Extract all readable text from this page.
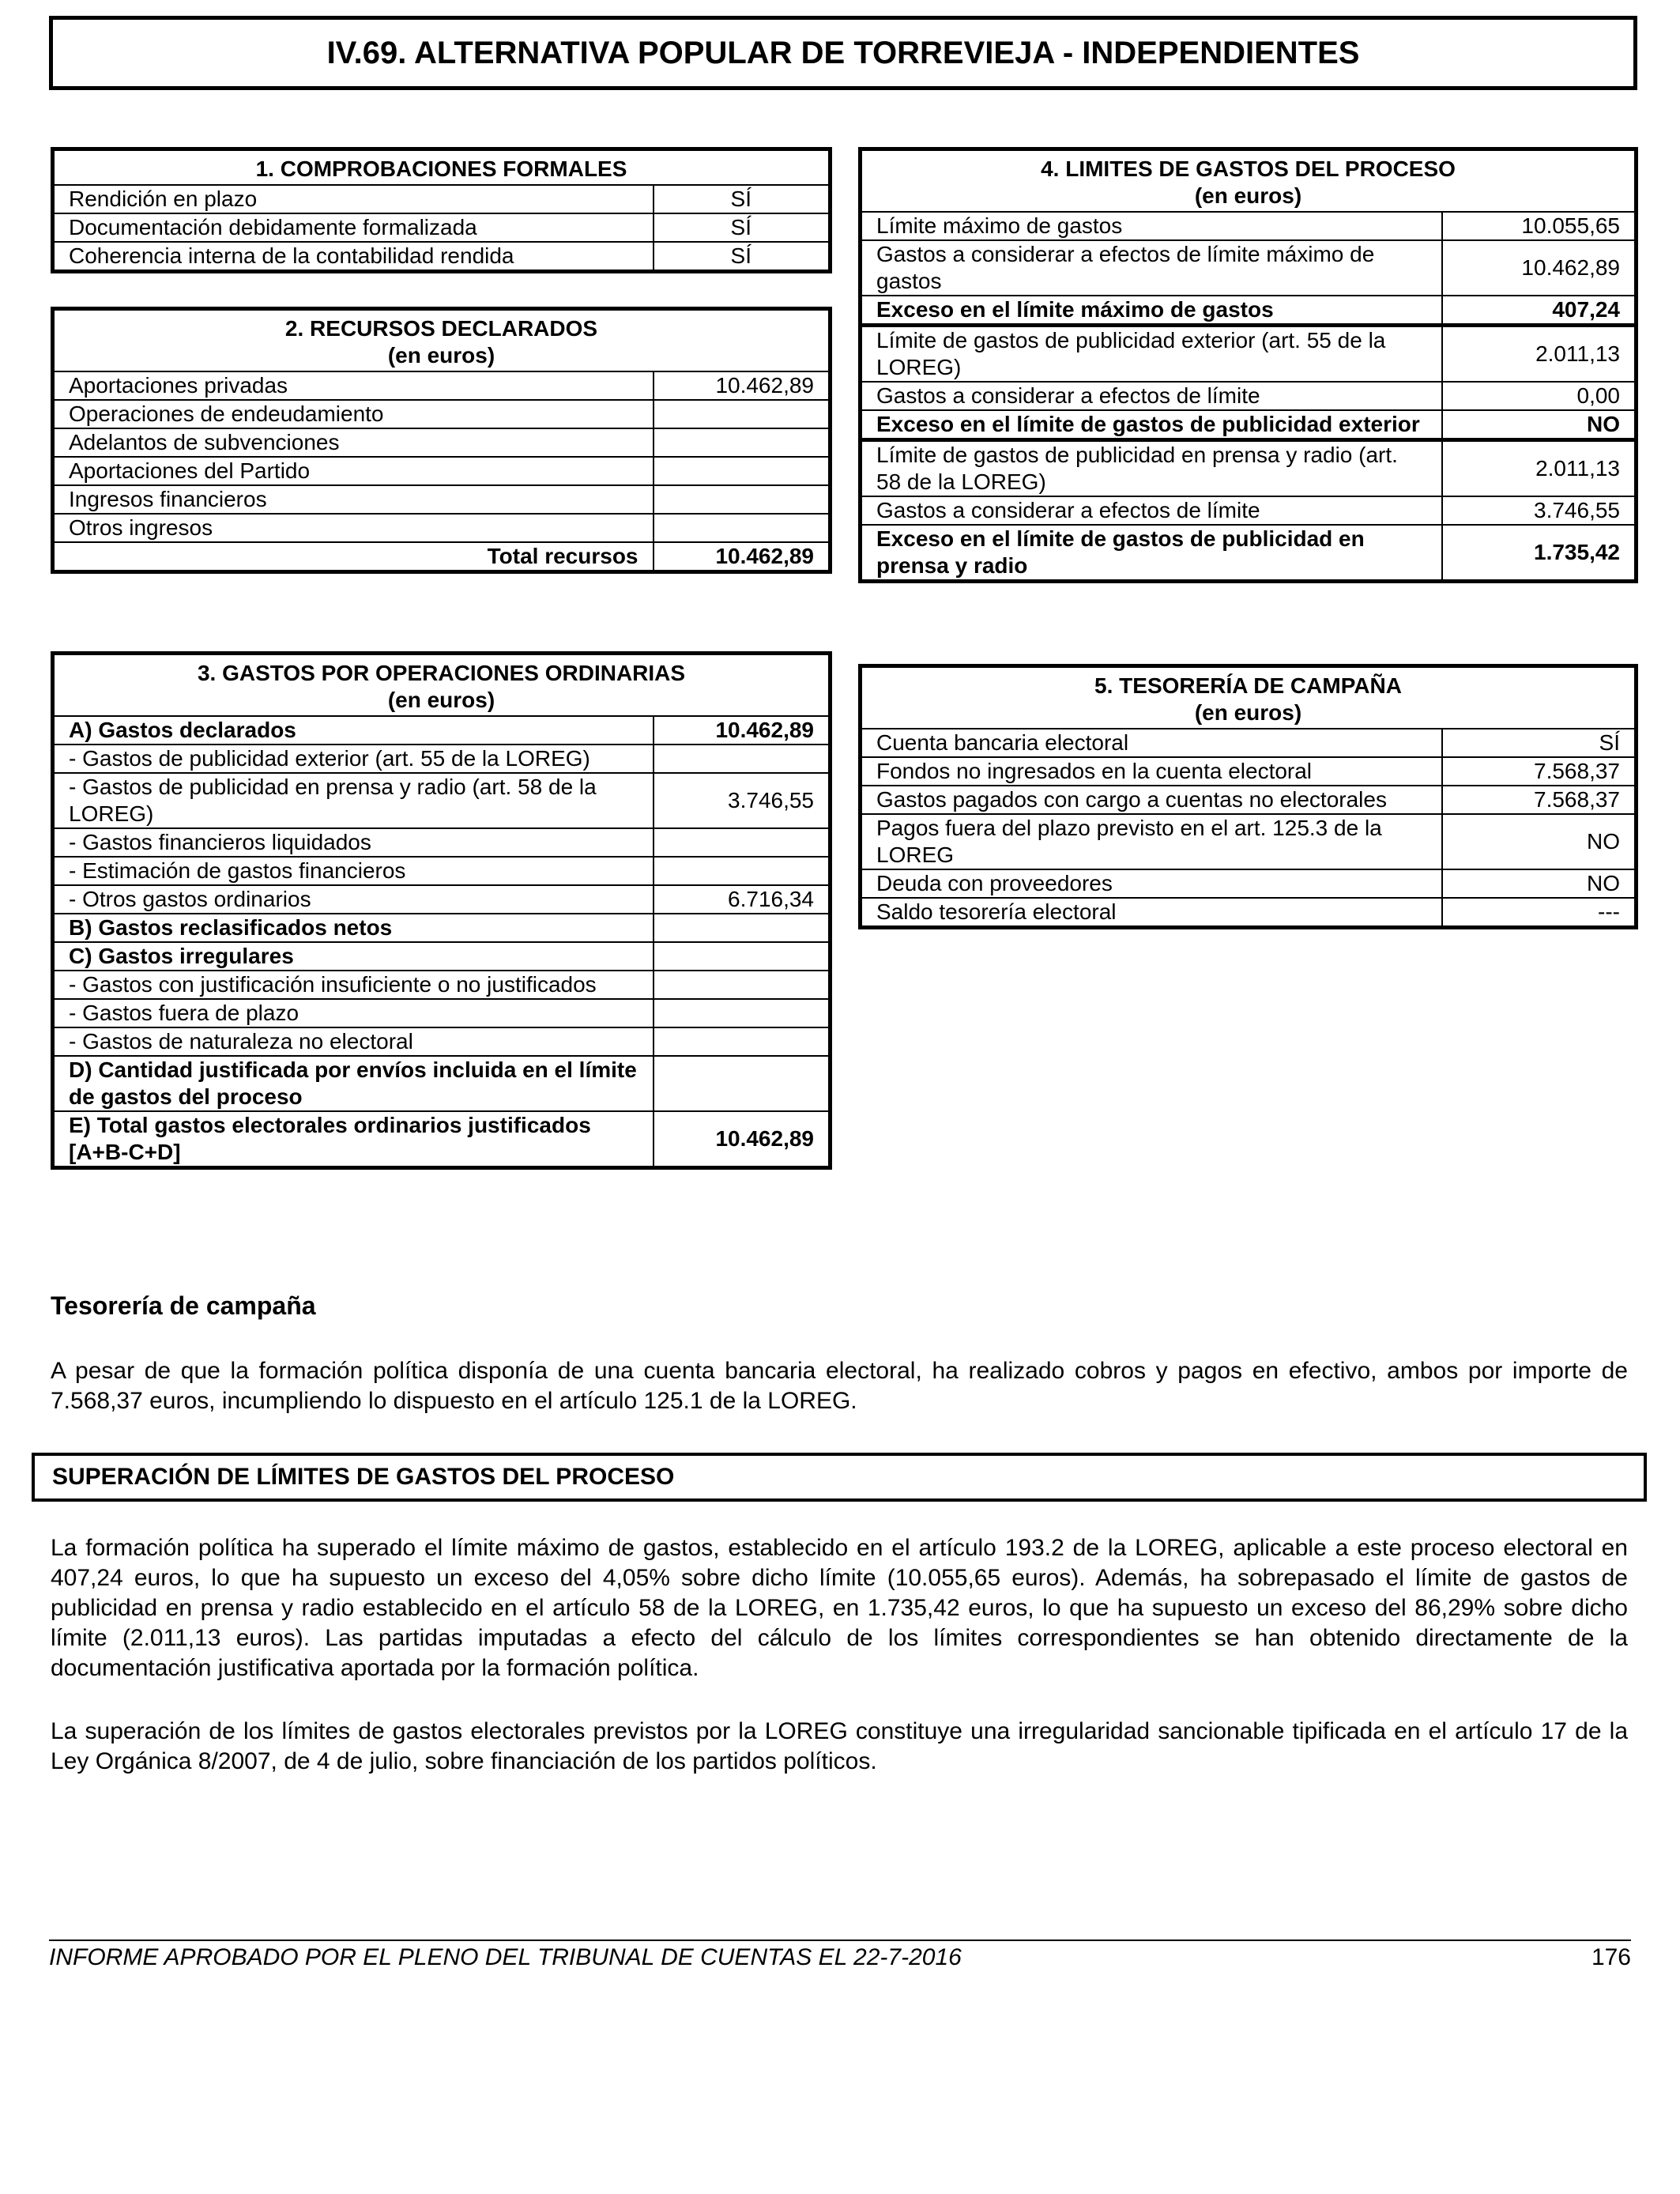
IV.69. ALTERNATIVA POPULAR DE TORREVIEJA - INDEPENDIENTES
1. COMPROBACIONES FORMALES	
Rendición en plazo	SÍ
Documentación debidamente formalizada	SÍ
Coherencia interna de la contabilidad rendida	SÍ
2. RECURSOS DECLARADOS
(en euros)	
Aportaciones privadas	10.462,89
Operaciones de endeudamiento	
Adelantos de subvenciones	
Aportaciones del Partido	
Ingresos financieros	
Otros ingresos	
Total recursos	10.462,89
3. GASTOS POR OPERACIONES ORDINARIAS
(en euros)	
A) Gastos declarados	10.462,89
- Gastos de publicidad exterior (art. 55 de la LOREG)	
- Gastos de publicidad en prensa y radio (art. 58 de la LOREG)	3.746,55
- Gastos financieros liquidados	
- Estimación de gastos financieros	
- Otros gastos ordinarios	6.716,34
B) Gastos reclasificados netos	
C) Gastos irregulares	
- Gastos con justificación insuficiente o no justificados	
- Gastos fuera de plazo	
- Gastos de naturaleza no electoral	
D) Cantidad justificada por envíos incluida en el límite de gastos del proceso	
E) Total gastos electorales ordinarios justificados [A+B-C+D]	10.462,89
4. LIMITES DE GASTOS DEL PROCESO
(en euros)	
Límite máximo de gastos	10.055,65
Gastos a considerar a efectos de límite máximo de gastos	10.462,89
Exceso en el límite máximo de gastos	407,24
Límite de gastos de publicidad exterior (art. 55 de la LOREG)	2.011,13
Gastos a considerar a efectos de límite	0,00
Exceso en el límite de gastos de publicidad exterior	NO
Límite de gastos de publicidad en prensa y radio (art. 58 de la LOREG)	2.011,13
Gastos a considerar a efectos de límite	3.746,55
Exceso en el límite de gastos de publicidad en prensa y radio	1.735,42
5. TESORERÍA DE CAMPAÑA
(en euros)	
Cuenta bancaria electoral	SÍ
Fondos no ingresados en la cuenta electoral	7.568,37
Gastos pagados con cargo a cuentas no electorales	7.568,37
Pagos fuera del plazo previsto en el art. 125.3 de la LOREG	NO
Deuda con proveedores	NO
Saldo tesorería electoral	---
Tesorería de campaña
A pesar de que la formación política disponía de una cuenta bancaria electoral, ha realizado cobros y pagos en efectivo, ambos por importe de 7.568,37 euros, incumpliendo lo dispuesto en el artículo 125.1 de la LOREG.
SUPERACIÓN DE LÍMITES DE GASTOS DEL PROCESO
La formación política ha superado el límite máximo de gastos, establecido en el artículo 193.2 de la LOREG, aplicable a este proceso electoral en 407,24 euros, lo que ha supuesto un exceso del 4,05% sobre dicho límite (10.055,65 euros). Además, ha sobrepasado el límite de gastos de publicidad en prensa y radio establecido en el artículo 58 de la LOREG, en 1.735,42 euros, lo que ha supuesto un exceso del 86,29% sobre dicho límite (2.011,13 euros). Las partidas imputadas a efecto del cálculo de los límites correspondientes se han obtenido directamente de la documentación justificativa aportada por la formación política.
La superación de los límites de gastos electorales previstos por la LOREG constituye una irregularidad sancionable tipificada en el artículo 17 de la Ley Orgánica 8/2007, de 4 de julio, sobre financiación de los partidos políticos.
INFORME APROBADO POR EL PLENO DEL TRIBUNAL DE CUENTAS EL 22-7-2016	176
